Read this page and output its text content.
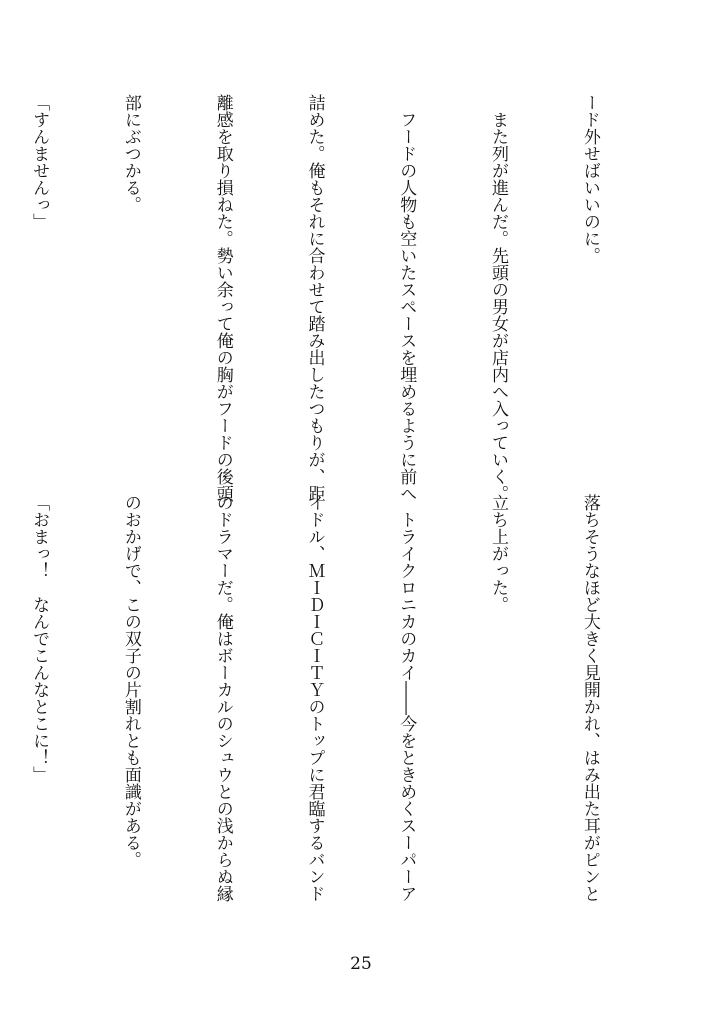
ード外せばいいのに。

　また列が進んだ。先頭の男女が店内へ入っていく。

　フードの人物も空いたスペースを埋めるように前へ

詰めた。俺もそれに合わせて踏み出したつもりが、距

離感を取り損ねた。勢い余って俺の胸がフードの後頭

部にぶつかる。

「すんませんっ」

落ちそうなほど大きく見開かれ、はみ出た耳がピンと

立ち上がった。

　トライクロニカのカイ――今をときめくスーパーア

イドル、ＭＩＤＩＣＩＴＹのトップに君臨するバンド

のドラマーだ。俺はボーカルのシュウとの浅からぬ縁

のおかげで、この双子の片割れとも面識がある。

「おまっ！　なんでこんなとこに！」

25
